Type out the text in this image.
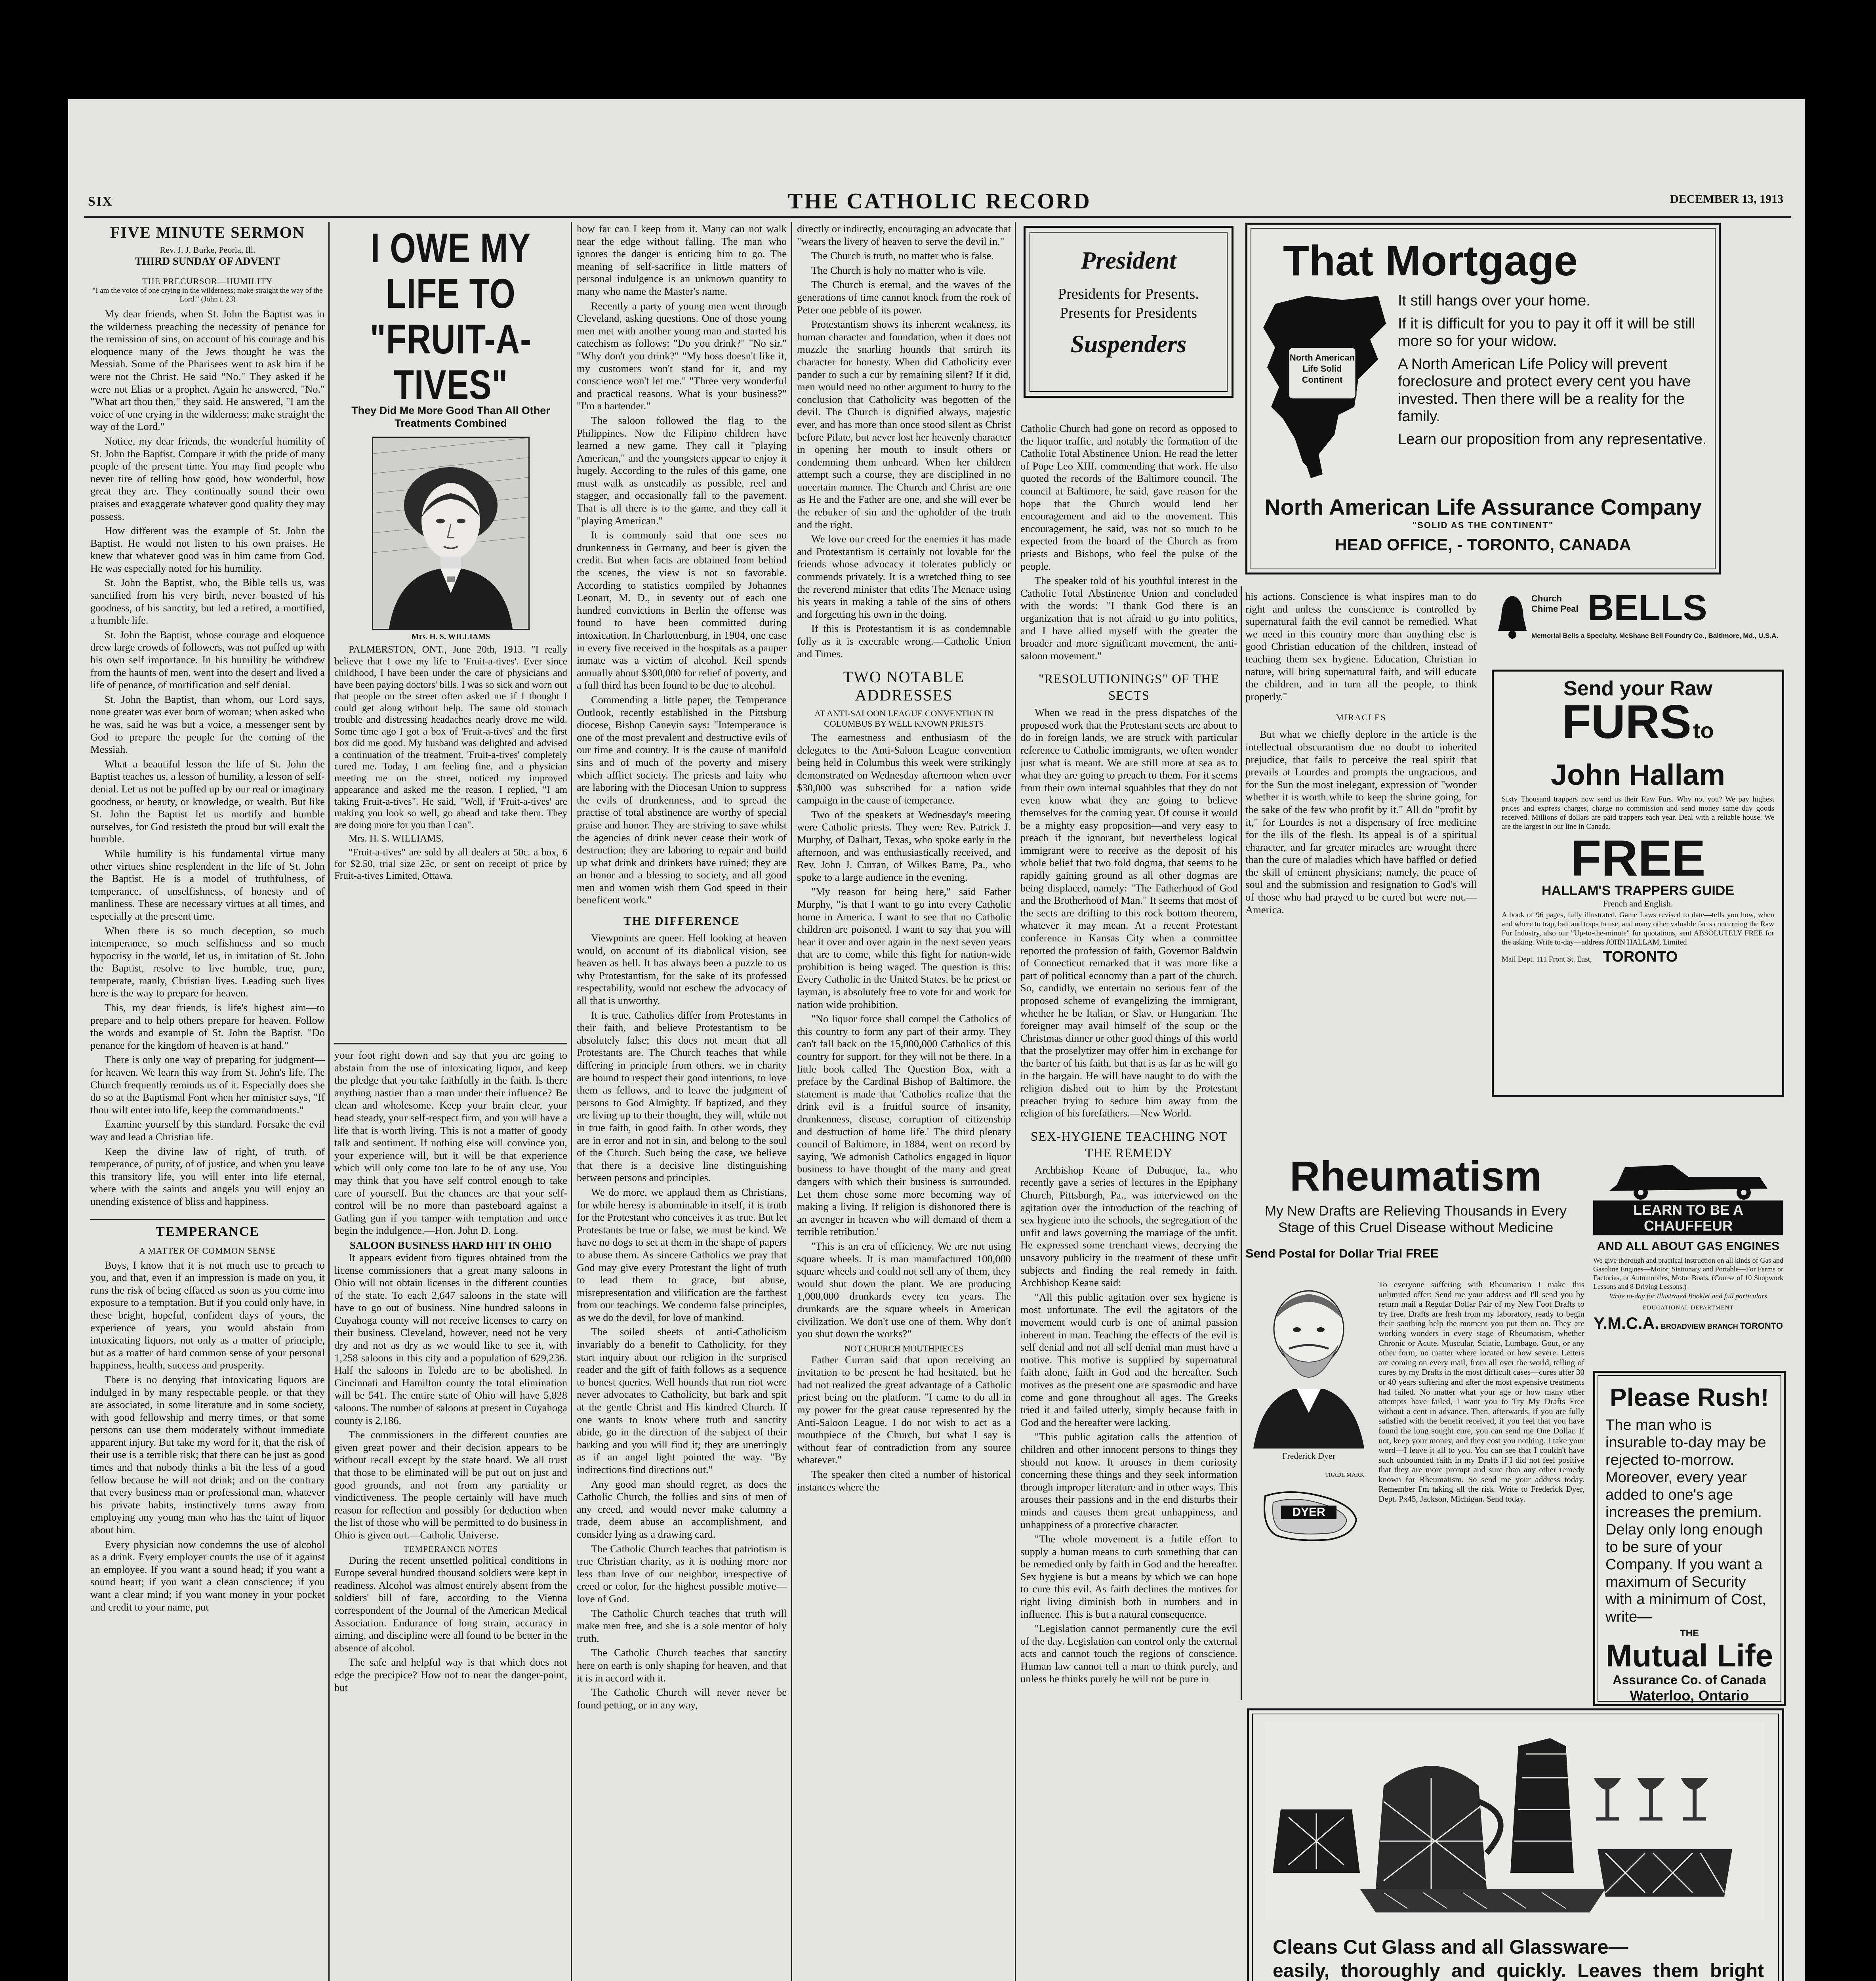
SIX	THE CATHOLIC RECORD	DECEMBER 13, 1913
FIVE MINUTE SERMON
Rev. J. J. Burke, Peoria, Ill.
THIRD SUNDAY OF ADVENT
THE PRECURSOR—HUMILITY
"I am the voice of one crying in the wilderness; make straight the way of the Lord." (John i. 23)

My dear friends, when St. John the Baptist was in the wilderness preaching the necessity of penance for the remission of sins, on account of his courage and his eloquence many of the Jews thought he was the Messiah. Some of the Pharisees went to ask him if he were not the Christ. He said "No." They asked if he were not Elias or a prophet. Again he answered, "No." "What art thou then," they said. He answered, "I am the voice of one crying in the wilderness; make straight the way of the Lord."

Notice, my dear friends, the wonderful humility of St. John the Baptist. Compare it with the pride of many people of the present time. You may find people who never tire of telling how good, how wonderful, how great they are. They continually sound their own praises and exaggerate whatever good quality they may possess.

How different was the example of St. John the Baptist. He would not listen to his own praises. He knew that whatever good was in him came from God. He was especially noted for his humility.

St. John the Baptist, who, the Bible tells us, was sanctified from his very birth, never boasted of his goodness, of his sanctity, but led a retired, a mortified, a humble life.

St. John the Baptist, whose courage and eloquence drew large crowds of followers, was not puffed up with his own self importance. In his humility he withdrew from the haunts of men, went into the desert and lived a life of penance, of mortification and self denial.

St. John the Baptist, than whom, our Lord says, none greater was ever born of woman; when asked who he was, said he was but a voice, a messenger sent by God to prepare the people for the coming of the Messiah.

What a beautiful lesson the life of St. John the Baptist teaches us, a lesson of humility, a lesson of self-denial. Let us not be puffed up by our real or imaginary goodness, or beauty, or knowledge, or wealth. But like St. John the Baptist let us mortify and humble ourselves, for God resisteth the proud but will exalt the humble.

While humility is his fundamental virtue many other virtues shine resplendent in the life of St. John the Baptist. He is a model of truthfulness, of temperance, of unselfishness, of honesty and of manliness. These are necessary virtues at all times, and especially at the present time.

When there is so much deception, so much intemperance, so much selfishness and so much hypocrisy in the world, let us, in imitation of St. John the Baptist, resolve to live humble, true, pure, temperate, manly, Christian lives. Leading such lives here is the way to prepare for heaven.

This, my dear friends, is life's highest aim—to prepare and to help others prepare for heaven. Follow the words and example of St. John the Baptist. "Do penance for the kingdom of heaven is at hand."

There is only one way of preparing for judgment—for heaven. We learn this way from St. John's life. The Church frequently reminds us of it. Especially does she do so at the Baptismal Font when her minister says, "If thou wilt enter into life, keep the commandments."

Examine yourself by this standard. Forsake the evil way and lead a Christian life.

Keep the divine law of right, of truth, of temperance, of purity, of of justice, and when you leave this transitory life, you will enter into life eternal, where with the saints and angels you will enjoy an unending existence of bliss and happiness.

TEMPERANCE
A MATTER OF COMMON SENSE

Boys, I know that it is not much use to preach to you, and that, even if an impression is made on you, it runs the risk of being effaced as soon as you come into exposure to a temptation. But if you could only have, in these bright, hopeful, confident days of yours, the experience of years, you would abstain from intoxicating liquors, not only as a matter of principle, but as a matter of hard common sense of your personal happiness, health, success and prosperity.

There is no denying that intoxicating liquors are indulged in by many respectable people, or that they are associated, in some literature and in some society, with good fellowship and merry times, or that some persons can use them moderately without immediate apparent injury. But take my word for it, that the risk of their use is a terrible risk; that there can be just as good times and that nobody thinks a bit the less of a good fellow because he will not drink; and on the contrary that every business man or professional man, whatever his private habits, instinctively turns away from employing any young man who has the taint of liquor about him.

Every physician now condemns the use of alcohol as a drink. Every employer counts the use of it against an employee. If you want a sound head; if you want a sound heart; if you want a clean conscience; if you want a clear mind; if you want money in your pocket and credit to your name, put

I OWE MY LIFE TO "FRUIT-A-TIVES"
They Did Me More Good Than All Other Treatments Combined
Mrs. H. S. WILLIAMS

PALMERSTON, ONT., June 20th, 1913. "I really believe that I owe my life to 'Fruit-a-tives'. Ever since childhood, I have been under the care of physicians and have been paying doctors' bills. I was so sick and worn out that people on the street often asked me if I thought I could get along without help. The same old stomach trouble and distressing headaches nearly drove me wild. Some time ago I got a box of 'Fruit-a-tives' and the first box did me good. My husband was delighted and advised a continuation of the treatment. 'Fruit-a-tives' completely cured me. Today, I am feeling fine, and a physician meeting me on the street, noticed my improved appearance and asked me the reason. I replied, "I am taking Fruit-a-tives". He said, "Well, if 'Fruit-a-tives' are making you look so well, go ahead and take them. They are doing more for you than I can".

Mrs. H. S. WILLIAMS.

"Fruit-a-tives" are sold by all dealers at 50c. a box, 6 for $2.50, trial size 25c, or sent on receipt of price by Fruit-a-tives Limited, Ottawa.

your foot right down and say that you are going to abstain from the use of intoxicating liquor, and keep the pledge that you take faithfully in the faith. Is there anything nastier than a man under their influence? Be clean and wholesome. Keep your brain clear, your head steady, your self-respect firm, and you will have a life that is worth living. This is not a matter of goody talk and sentiment. If nothing else will convince you, your experience will, but it will be that experience which will only come too late to be of any use. You may think that you have self control enough to take care of yourself. But the chances are that your self-control will be no more than pasteboard against a Gatling gun if you tamper with temptation and once begin the indulgence.—Hon. John D. Long.

SALOON BUSINESS HARD HIT IN OHIO

It appears evident from figures obtained from the license commissioners that a great many saloons in Ohio will not obtain licenses in the different counties of the state. To each 2,647 saloons in the state will have to go out of business. Nine hundred saloons in Cuyahoga county will not receive licenses to carry on their business. Cleveland, however, need not be very dry and not as dry as we would like to see it, with 1,258 saloons in this city and a population of 629,236. Half the saloons in Toledo are to be abolished. In Cincinnati and Hamilton county the total elimination will be 541. The entire state of Ohio will have 5,828 saloons. The number of saloons at present in Cuyahoga county is 2,186.

The commissioners in the different counties are given great power and their decision appears to be without recall except by the state board. We all trust that those to be eliminated will be put out on just and good grounds, and not from any partiality or vindictiveness. The people certainly will have much reason for reflection and possibly for deduction when the list of those who will be permitted to do business in Ohio is given out.—Catholic Universe.

TEMPERANCE NOTES

During the recent unsettled political conditions in Europe several hundred thousand soldiers were kept in readiness. Alcohol was almost entirely absent from the soldiers' bill of fare, according to the Vienna correspondent of the Journal of the American Medical Association. Endurance of long strain, accuracy in aiming, and discipline were all found to be better in the absence of alcohol.

The safe and helpful way is that which does not edge the precipice? How not to near the danger-point, but

how far can I keep from it. Many can not walk near the edge without falling. The man who ignores the danger is enticing him to go. The meaning of self-sacrifice in little matters of personal indulgence is an unknown quantity to many who name the Master's name.

Recently a party of young men went through Cleveland, asking questions. One of those young men met with another young man and started his catechism as follows: "Do you drink?" "No sir." "Why don't you drink?" "My boss doesn't like it, my customers won't stand for it, and my conscience won't let me." "Three very wonderful and practical reasons. What is your business?" "I'm a bartender."

The saloon followed the flag to the Philippines. Now the Filipino children have learned a new game. They call it "playing American," and the youngsters appear to enjoy it hugely. According to the rules of this game, one must walk as unsteadily as possible, reel and stagger, and occasionally fall to the pavement. That is all there is to the game, and they call it "playing American."

It is commonly said that one sees no drunkenness in Germany, and beer is given the credit. But when facts are obtained from behind the scenes, the view is not so favorable. According to statistics compiled by Johannes Leonart, M. D., in seventy out of each one hundred convictions in Berlin the offense was found to have been committed during intoxication. In Charlottenburg, in 1904, one case in every five received in the hospitals as a pauper inmate was a victim of alcohol. Keil spends annually about $300,000 for relief of poverty, and a full third has been found to be due to alcohol.

Commending a little paper, the Temperance Outlook, recently established in the Pittsburg diocese, Bishop Canevin says: "Intemperance is one of the most prevalent and destructive evils of our time and country. It is the cause of manifold sins and of much of the poverty and misery which afflict society. The priests and laity who are laboring with the Diocesan Union to suppress the evils of drunkenness, and to spread the practise of total abstinence are worthy of special praise and honor. They are striving to save whilst the agencies of drink never cease their work of destruction; they are laboring to repair and build up what drink and drinkers have ruined; they are an honor and a blessing to society, and all good men and women wish them God speed in their beneficent work."

THE DIFFERENCE

Viewpoints are queer. Hell looking at heaven would, on account of its diabolical vision, see heaven as hell. It has always been a puzzle to us why Protestantism, for the sake of its professed respectability, would not eschew the advocacy of all that is unworthy.

It is true. Catholics differ from Protestants in their faith, and believe Protestantism to be absolutely false; this does not mean that all Protestants are. The Church teaches that while differing in principle from others, we in charity are bound to respect their good intentions, to love them as fellows, and to leave the judgment of persons to God Almighty. If baptized, and they are living up to their thought, they will, while not in true faith, in good faith. In other words, they are in error and not in sin, and belong to the soul of the Church. Such being the case, we believe that there is a decisive line distinguishing between persons and principles.

We do more, we applaud them as Christians, for while heresy is abominable in itself, it is truth for the Protestant who conceives it as true. But let Protestants be true or false, we must be kind. We have no dogs to set at them in the shape of papers to abuse them. As sincere Catholics we pray that God may give every Protestant the light of truth to lead them to grace, but abuse, misrepresentation and vilification are the farthest from our teachings. We condemn false principles, as we do the devil, for love of mankind.

The soiled sheets of anti-Catholicism invariably do a benefit to Catholicity, for they start inquiry about our religion in the surprised reader and the gift of faith follows as a sequence to honest queries. Well hounds that run riot were never advocates to Catholicity, but bark and spit at the gentle Christ and His kindred Church. If one wants to know where truth and sanctity abide, go in the direction of the subject of their barking and you will find it; they are unerringly as if an angel light pointed the way. "By indirections find directions out."

Any good man should regret, as does the Catholic Church, the follies and sins of men of any creed, and would never make calumny a trade, deem abuse an accomplishment, and consider lying as a drawing card.

The Catholic Church teaches that patriotism is true Christian charity, as it is nothing more nor less than love of our neighbor, irrespective of creed or color, for the highest possible motive—love of God.

The Catholic Church teaches that truth will make men free, and she is a sole mentor of holy truth.

The Catholic Church teaches that sanctity here on earth is only shaping for heaven, and that it is in accord with it.

The Catholic Church will never never be found petting, or in any way,

directly or indirectly, encouraging an advocate that "wears the livery of heaven to serve the devil in."

The Church is truth, no matter who is false.

The Church is holy no matter who is vile.

The Church is eternal, and the waves of the generations of time cannot knock from the rock of Peter one pebble of its power.

Protestantism shows its inherent weakness, its human character and foundation, when it does not muzzle the snarling hounds that smirch its character for honesty. When did Catholicity ever pander to such a cur by remaining silent? If it did, men would need no other argument to hurry to the conclusion that Catholicity was begotten of the devil. The Church is dignified always, majestic ever, and has more than once stood silent as Christ before Pilate, but never lost her heavenly character in opening her mouth to insult others or condemning them unheard. When her children attempt such a course, they are disciplined in no uncertain manner. The Church and Christ are one as He and the Father are one, and she will ever be the rebuker of sin and the upholder of the truth and the right.

We love our creed for the enemies it has made and Protestantism is certainly not lovable for the friends whose advocacy it tolerates publicly or commends privately. It is a wretched thing to see the reverend minister that edits The Menace using his years in making a table of the sins of others and forgetting his own in the doing.

If this is Protestantism it is as condemnable folly as it is execrable wrong.—Catholic Union and Times.

TWO NOTABLE ADDRESSES
AT ANTI-SALOON LEAGUE CONVENTION IN COLUMBUS BY WELL KNOWN PRIESTS

The earnestness and enthusiasm of the delegates to the Anti-Saloon League convention being held in Columbus this week were strikingly demonstrated on Wednesday afternoon when over $30,000 was subscribed for a nation wide campaign in the cause of temperance.

Two of the speakers at Wednesday's meeting were Catholic priests. They were Rev. Patrick J. Murphy, of Dalhart, Texas, who spoke early in the afternoon, and was enthusiastically received, and Rev. John J. Curran, of Wilkes Barre, Pa., who spoke to a large audience in the evening.

"My reason for being here," said Father Murphy, "is that I want to go into every Catholic home in America. I want to see that no Catholic children are poisoned. I want to say that you will hear it over and over again in the next seven years that are to come, while this fight for nation-wide prohibition is being waged. The question is this: Every Catholic in the United States, be he priest or layman, is absolutely free to vote for and work for nation wide prohibition.

"No liquor force shall compel the Catholics of this country to form any part of their army. They can't fall back on the 15,000,000 Catholics of this country for support, for they will not be there. In a little book called The Question Box, with a preface by the Cardinal Bishop of Baltimore, the statement is made that 'Catholics realize that the drink evil is a fruitful source of insanity, drunkenness, disease, corruption of citizenship and destruction of home life.' The third plenary council of Baltimore, in 1884, went on record by saying, 'We admonish Catholics engaged in liquor business to have thought of the many and great dangers with which their business is surrounded. Let them chose some more becoming way of making a living. If religion is dishonored there is an avenger in heaven who will demand of them a terrible retribution.'

"This is an era of efficiency. We are not using square wheels. It is man manufactured 100,000 square wheels and could not sell any of them, they would shut down the plant. We are producing 1,000,000 drunkards every ten years. The drunkards are the square wheels in American civilization. We don't use one of them. Why don't you shut down the works?"

NOT CHURCH MOUTHPIECES

Father Curran said that upon receiving an invitation to be present he had hesitated, but he had not realized the great advantage of a Catholic priest being on the platform. "I came to do all in my power for the great cause represented by the Anti-Saloon League. I do not wish to act as a mouthpiece of the Church, but what I say is without fear of contradiction from any source whatever."

The speaker then cited a number of historical instances where the

President
Presidents for Presents.
Presents for Presidents
Suspenders

Catholic Church had gone on record as opposed to the liquor traffic, and notably the formation of the Catholic Total Abstinence Union. He read the letter of Pope Leo XIII. commending that work. He also quoted the records of the Baltimore council. The council at Baltimore, he said, gave reason for the hope that the Church would lend her encouragement and aid to the movement. This encouragement, he said, was not so much to be expected from the board of the Church as from priests and Bishops, who feel the pulse of the people.

The speaker told of his youthful interest in the Catholic Total Abstinence Union and concluded with the words: "I thank God there is an organization that is not afraid to go into politics, and I have allied myself with the greater the broader and more significant movement, the anti-saloon movement."

"RESOLUTIONINGS" OF THE SECTS

When we read in the press dispatches of the proposed work that the Protestant sects are about to do in foreign lands, we are struck with particular reference to Catholic immigrants, we often wonder just what is meant. We are still more at sea as to what they are going to preach to them. For it seems from their own internal squabbles that they do not even know what they are going to believe themselves for the coming year. Of course it would be a mighty easy proposition—and very easy to preach if the ignorant, but nevertheless logical immigrant were to receive as the deposit of his whole belief that two fold dogma, that seems to be rapidly gaining ground as all other dogmas are being displaced, namely: "The Fatherhood of God and the Brotherhood of Man." It seems that most of the sects are drifting to this rock bottom theorem, whatever it may mean. At a recent Protestant conference in Kansas City when a committee reported the profession of faith, Governor Baldwin of Connecticut remarked that it was more like a part of political economy than a part of the church. So, candidly, we entertain no serious fear of the proposed scheme of evangelizing the immigrant, whether he be Italian, or Slav, or Hungarian. The foreigner may avail himself of the soup or the Christmas dinner or other good things of this world that the proselytizer may offer him in exchange for the barter of his faith, but that is as far as he will go in the bargain. He will have naught to do with the religion dished out to him by the Protestant preacher trying to seduce him away from the religion of his forefathers.—New World.

SEX-HYGIENE TEACHING NOT THE REMEDY

Archbishop Keane of Dubuque, Ia., who recently gave a series of lectures in the Epiphany Church, Pittsburgh, Pa., was interviewed on the agitation over the introduction of the teaching of sex hygiene into the schools, the segregation of the unfit and laws governing the marriage of the unfit. He expressed some trenchant views, decrying the unsavory publicity in the treatment of these unfit subjects and finding the real remedy in faith. Archbishop Keane said:

"All this public agitation over sex hygiene is most unfortunate. The evil the agitators of the movement would curb is one of animal passion inherent in man. Teaching the effects of the evil is self denial and not all self denial man must have a motive. This motive is supplied by supernatural faith alone, faith in God and the hereafter. Such motives as the present one are spasmodic and have come and gone throughout all ages. The Greeks tried it and failed utterly, simply because faith in God and the hereafter were lacking.

"This public agitation calls the attention of children and other innocent persons to things they should not know. It arouses in them curiosity concerning these things and they seek information through improper literature and in other ways. This arouses their passions and in the end disturbs their minds and causes them great unhappiness, and unhappiness of a protective character.

"The whole movement is a futile effort to supply a human means to curb something that can be remedied only by faith in God and the hereafter. Sex hygiene is but a means by which we can hope to cure this evil. As faith declines the motives for right living diminish both in numbers and in influence. This is but a natural consequence.

"Legislation cannot permanently cure the evil of the day. Legislation can control only the external acts and cannot touch the regions of conscience. Human law cannot tell a man to think purely, and unless he thinks purely he will not be pure in

his actions. Conscience is what inspires man to do right and unless the conscience is controlled by supernatural faith the evil cannot be remedied. What we need in this country more than anything else is good Christian education of the children, instead of teaching them sex hygiene. Education, Christian in nature, will bring supernatural faith, and will educate the children, and in turn all the people, to think properly."

MIRACLES

But what we chiefly deplore in the article is the intellectual obscurantism due no doubt to inherited prejudice, that fails to perceive the real spirit that prevails at Lourdes and prompts the ungracious, and for the Sun the most inelegant, expression of "wonder whether it is worth while to keep the shrine going, for the sake of the few who profit by it." All do "profit by it," for Lourdes is not a dispensary of free medicine for the ills of the flesh. Its appeal is of a spiritual character, and far greater miracles are wrought there than the cure of maladies which have baffled or defied the skill of eminent physicians; namely, the peace of soul and the submission and resignation to God's will of those who had prayed to be cured but were not.—America.

That Mortgage
North American Life Solid Continent
It still hangs over your home.
If it is difficult for you to pay it off it will be still more so for your widow.
A North American Life Policy will prevent foreclosure and protect every cent you have invested. Then there will be a reality for the family.
Learn our proposition from any representative.
North American Life Assurance Company
"SOLID AS THE CONTINENT"
HEAD OFFICE, - TORONTO, CANADA
Church Chime Peal BELLS
Memorial Bells a Specialty. McShane Bell Foundry Co., Baltimore, Md., U.S.A.
Send your Raw
FURS to
John Hallam
Sixty Thousand trappers now send us their Raw Furs. Why not you? We pay highest prices and express charges, charge no commission and send money same day goods received. Millions of dollars are paid trappers each year. Deal with a reliable house. We are the largest in our line in Canada.
FREE
HALLAM'S TRAPPERS GUIDE
French and English.
A book of 96 pages, fully illustrated. Game Laws revised to date—tells you how, when and where to trap, bait and traps to use, and many other valuable facts concerning the Raw Fur Industry, also our "Up-to-the-minute" fur quotations, sent ABSOLUTELY FREE for the asking. Write to-day—address JOHN HALLAM, Limited
Mail Dept. 111 Front St. East, TORONTO
Rheumatism
My New Drafts are Relieving Thousands in Every Stage of this Cruel Disease without Medicine
Send Postal for Dollar Trial FREE
Frederick Dyer
To everyone suffering with Rheumatism I make this unlimited offer: Send me your address and I'll send you by return mail a Regular Dollar Pair of my New Foot Drafts to try free. Drafts are fresh from my laboratory, ready to begin their soothing help the moment you put them on. They are working wonders in every stage of Rheumatism, whether Chronic or Acute, Muscular, Sciatic, Lumbago, Gout, or any other form, no matter where located or how severe. Letters are coming on every mail, from all over the world, telling of cures by my Drafts in the most difficult cases—cures after 30 or 40 years suffering and after the most expensive treatments had failed. No matter what your age or how many other attempts have failed, I want you to Try My Drafts Free without a cent in advance. Then, afterwards, if you are fully satisfied with the benefit received, if you feel that you have found the long sought cure, you can send me One Dollar. If not, keep your money, and they cost you nothing. I take your word—I leave it all to you. You can see that I couldn't have such unbounded faith in my Drafts if I did not feel positive that they are more prompt and sure than any other remedy known for Rheumatism. So send me your address today. Remember I'm taking all the risk. Write to Frederick Dyer, Dept. Px45, Jackson, Michigan. Send today.
TRADE MARK
DYER
LEARN TO BE A CHAUFFEUR
AND ALL ABOUT GAS ENGINES
We give thorough and practical instruction on all kinds of Gas and Gasoline Engines—Motor, Stationary and Portable—For Farms or Factories, or Automobiles, Motor Boats. (Course of 10 Shopwork Lessons and 8 Driving Lessons.)
Write to-day for Illustrated Booklet and full particulars
EDUCATIONAL DEPARTMENT
Y.M.C.A. BROADVIEW BRANCH TORONTO
Please Rush!
The man who is insurable to-day may be rejected to-morrow. Moreover, every year added to one's age increases the premium. Delay only long enough to be sure of your Company. If you want a maximum of Security with a minimum of Cost, write—
THE
Mutual Life
Assurance Co. of Canada
Waterloo, Ontario
Cleans Cut Glass and all Glassware—
easily, thoroughly and quickly. Leaves them bright
